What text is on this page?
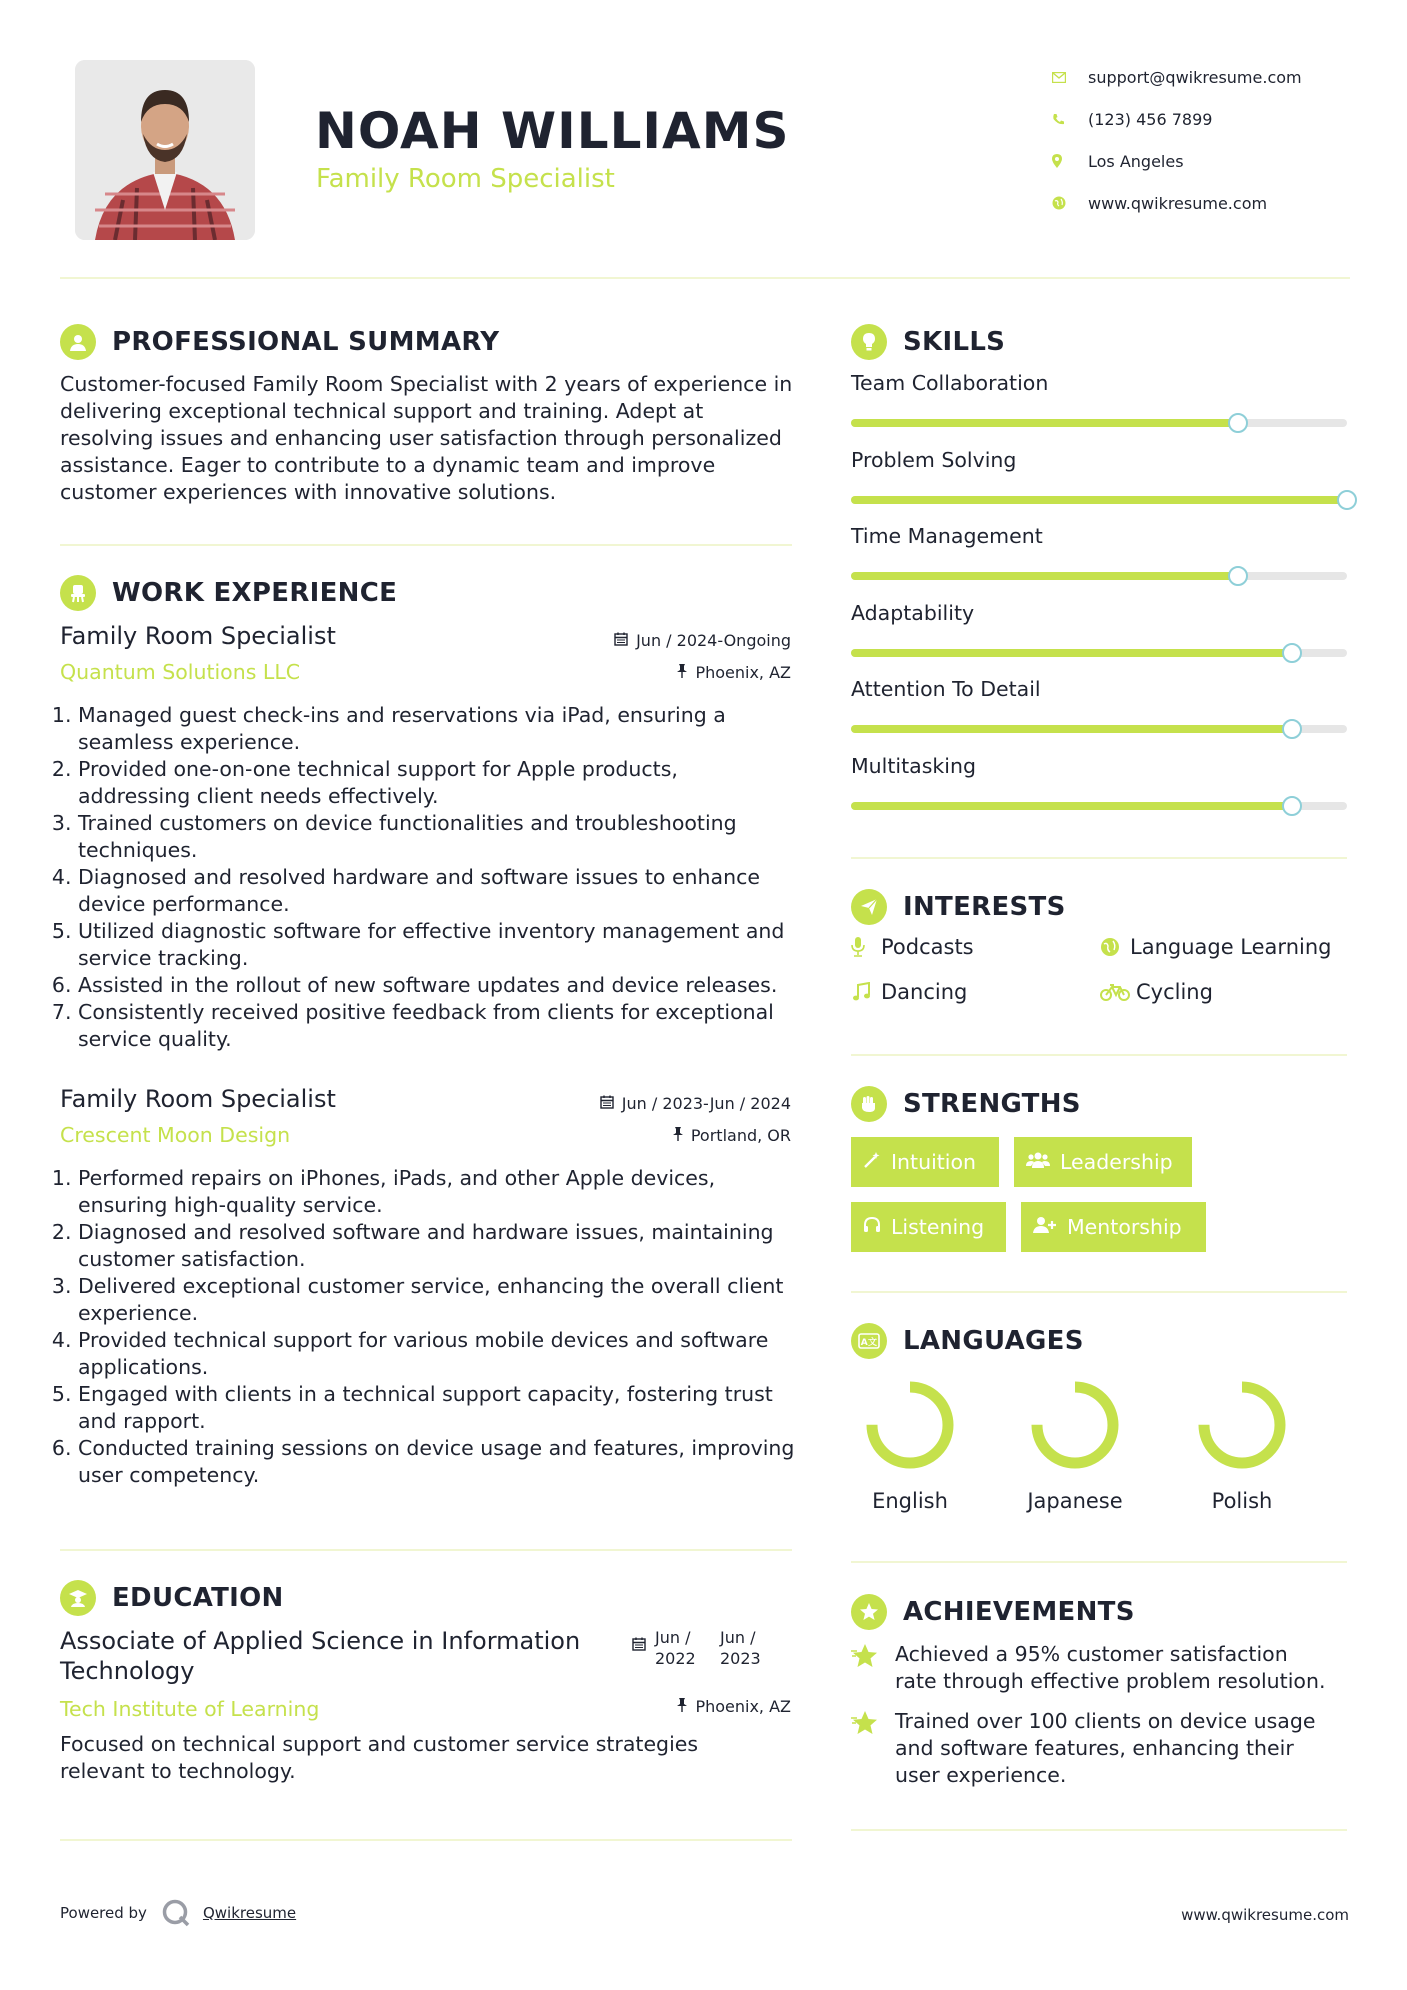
NOAH WILLIAMS
Family Room Specialist
support@qwikresume.com
(123) 456 7899
Los Angeles
www.qwikresume.com
PROFESSIONAL SUMMARY
Customer-focused Family Room Specialist with 2 years of experience in delivering exceptional technical support and training. Adept at resolving issues and enhancing user satisfaction through personalized assistance. Eager to contribute to a dynamic team and improve customer experiences with innovative solutions.
WORK EXPERIENCE
Family Room Specialist	Jun / 2024-Ongoing
Quantum Solutions LLC	Phoenix, AZ
1. Managed guest check-ins and reservations via iPad, ensuring a seamless experience.
2. Provided one-on-one technical support for Apple products, addressing client needs effectively.
3. Trained customers on device functionalities and troubleshooting techniques.
4. Diagnosed and resolved hardware and software issues to enhance device performance.
5. Utilized diagnostic software for effective inventory management and service tracking.
6. Assisted in the rollout of new software updates and device releases.
7. Consistently received positive feedback from clients for exceptional service quality.
Family Room Specialist	Jun / 2023-Jun / 2024
Crescent Moon Design	Portland, OR
1. Performed repairs on iPhones, iPads, and other Apple devices, ensuring high-quality service.
2. Diagnosed and resolved software and hardware issues, maintaining customer satisfaction.
3. Delivered exceptional customer service, enhancing the overall client experience.
4. Provided technical support for various mobile devices and software applications.
5. Engaged with clients in a technical support capacity, fostering trust and rapport.
6. Conducted training sessions on device usage and features, improving user competency.
EDUCATION
Associate of Applied Science in Information Technology
Jun / 2022
Jun / 2023
Tech Institute of Learning	Phoenix, AZ
Focused on technical support and customer service strategies relevant to technology.
SKILLS
Team Collaboration
Problem Solving
Time Management
Adaptability
Attention To Detail
Multitasking
INTERESTS
Podcasts	Language Learning
Dancing	Cycling
STRENGTHS
Intuition	Leadership
Listening	Mentorship
A文 LANGUAGES
English	Japanese	Polish
ACHIEVEMENTS
Achieved a 95% customer satisfaction rate through effective problem resolution.
Trained over 100 clients on device usage and software features, enhancing their user experience.
Powered by	Qwikresume	www.qwikresume.com
